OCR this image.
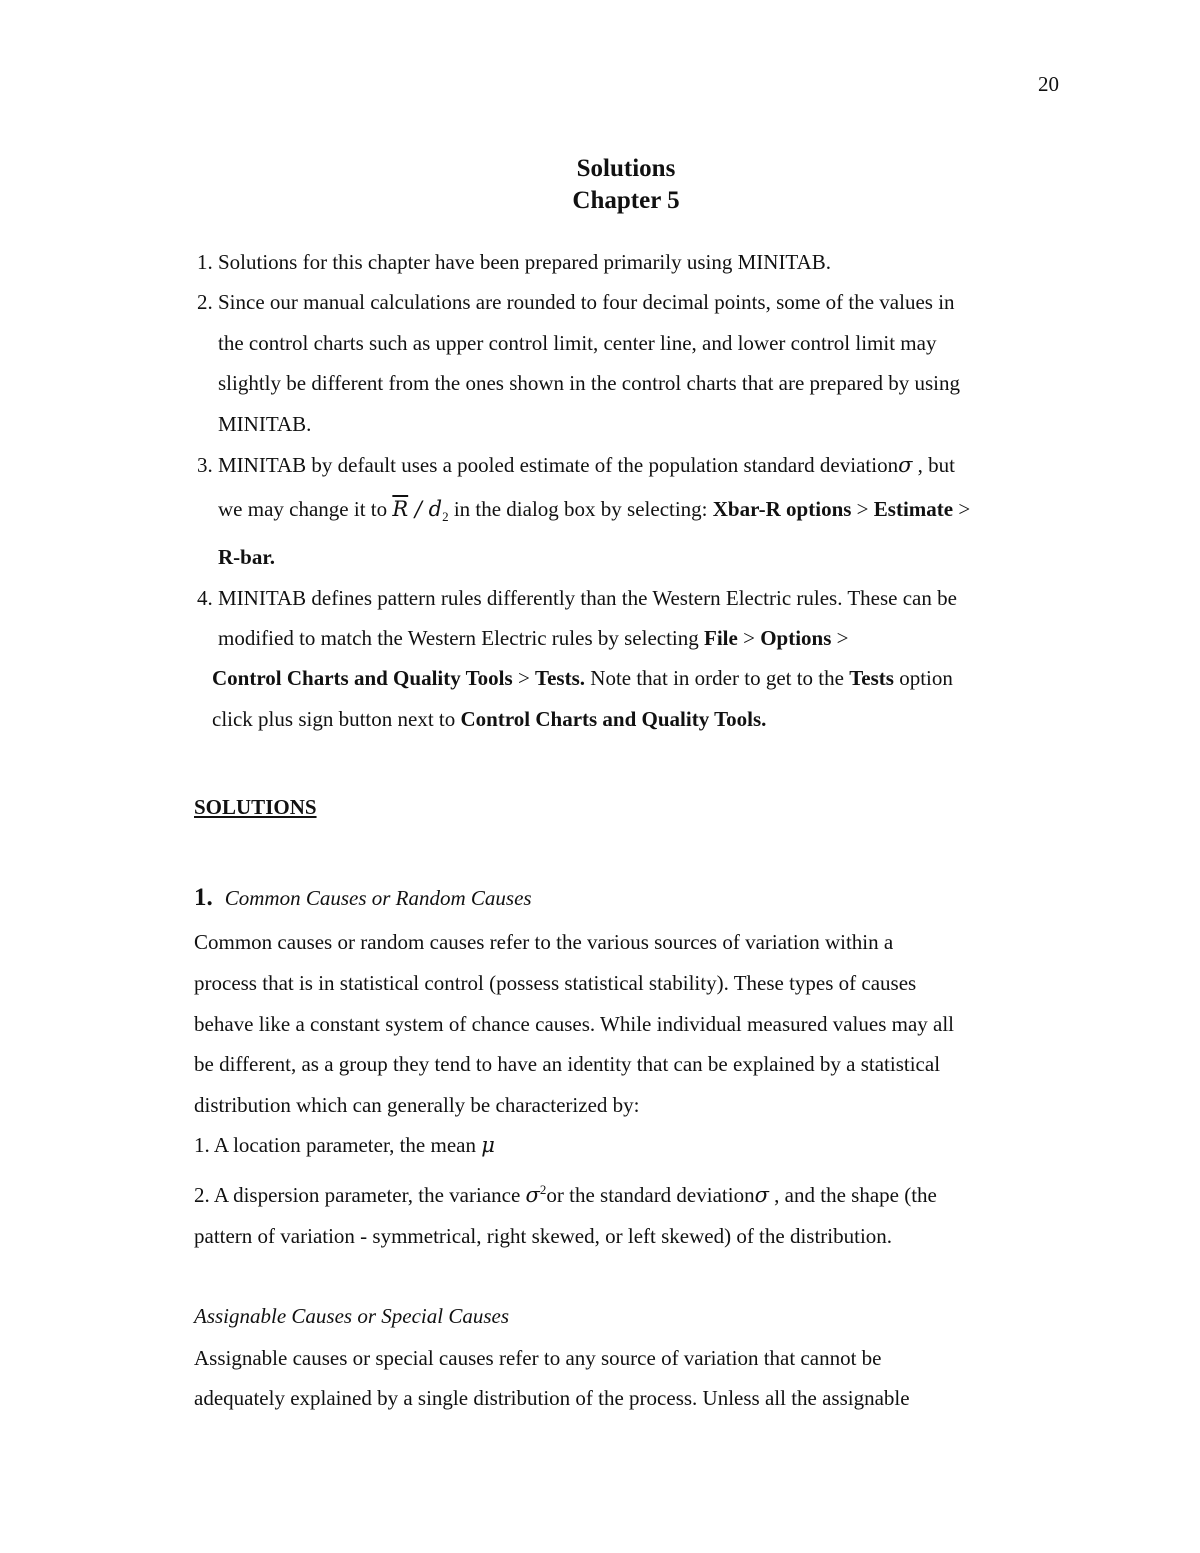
20
Solutions
Chapter 5
1. Solutions for this chapter have been prepared primarily using MINITAB.
2. Since our manual calculations are rounded to four decimal points, some of the values in
the control charts such as upper control limit, center line, and lower control limit may
slightly be different from the ones shown in the control charts that are prepared by using
MINITAB.
3. MINITAB by default uses a pooled estimate of the population standard deviationσ , but
we may change it to $\overline{R} / d_2$ in the dialog box by selecting: Xbar-R options > Estimate >
R-bar.
4. MINITAB defines pattern rules differently than the Western Electric rules. These can be
modified to match the Western Electric rules by selecting File > Options >
Control Charts and Quality Tools > Tests. Note that in order to get to the Tests option
click plus sign button next to Control Charts and Quality Tools.
SOLUTIONS
1. Common Causes or Random Causes
Common causes or random causes refer to the various sources of variation within a
process that is in statistical control (possess statistical stability). These types of causes
behave like a constant system of chance causes. While individual measured values may all
be different, as a group they tend to have an identity that can be explained by a statistical
distribution which can generally be characterized by:
1. A location parameter, the mean μ
2. A dispersion parameter, the variance $\sigma^2or$ the standard deviationσ , and the shape (the
pattern of variation - symmetrical, right skewed, or left skewed) of the distribution.
Assignable Causes or Special Causes
Assignable causes or special causes refer to any source of variation that cannot be
adequately explained by a single distribution of the process. Unless all the assignable
